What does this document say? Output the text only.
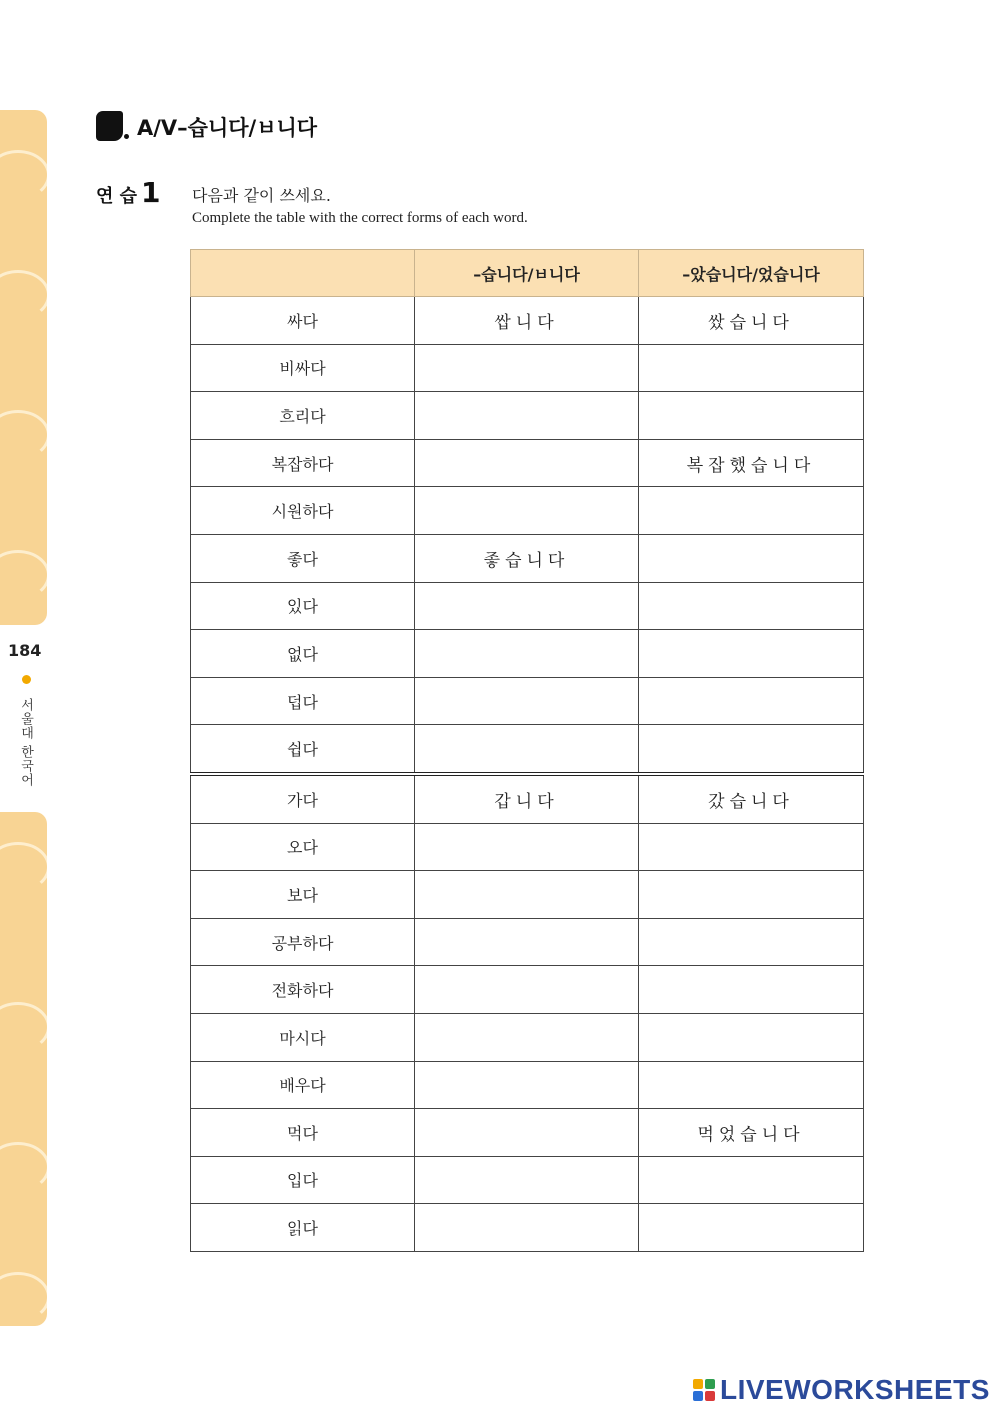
184
서울대 한국어
A/V–습니다/ㅂ니다
연 습 1 다음과 같이 쓰세요.
Complete the table with the correct forms of each word.
	–습니다/ㅂ니다	–았습니다/었습니다
싸다	쌉니다	쌌습니다
비싸다		
흐리다		
복잡하다		복잡했습니다
시원하다		
좋다	좋습니다	
있다		
없다		
덥다		
쉽다		
가다	갑니다	갔습니다
오다		
보다		
공부하다		
전화하다		
마시다		
배우다		
먹다		먹었습니다
입다		
읽다		
LIVEWORKSHEETS
